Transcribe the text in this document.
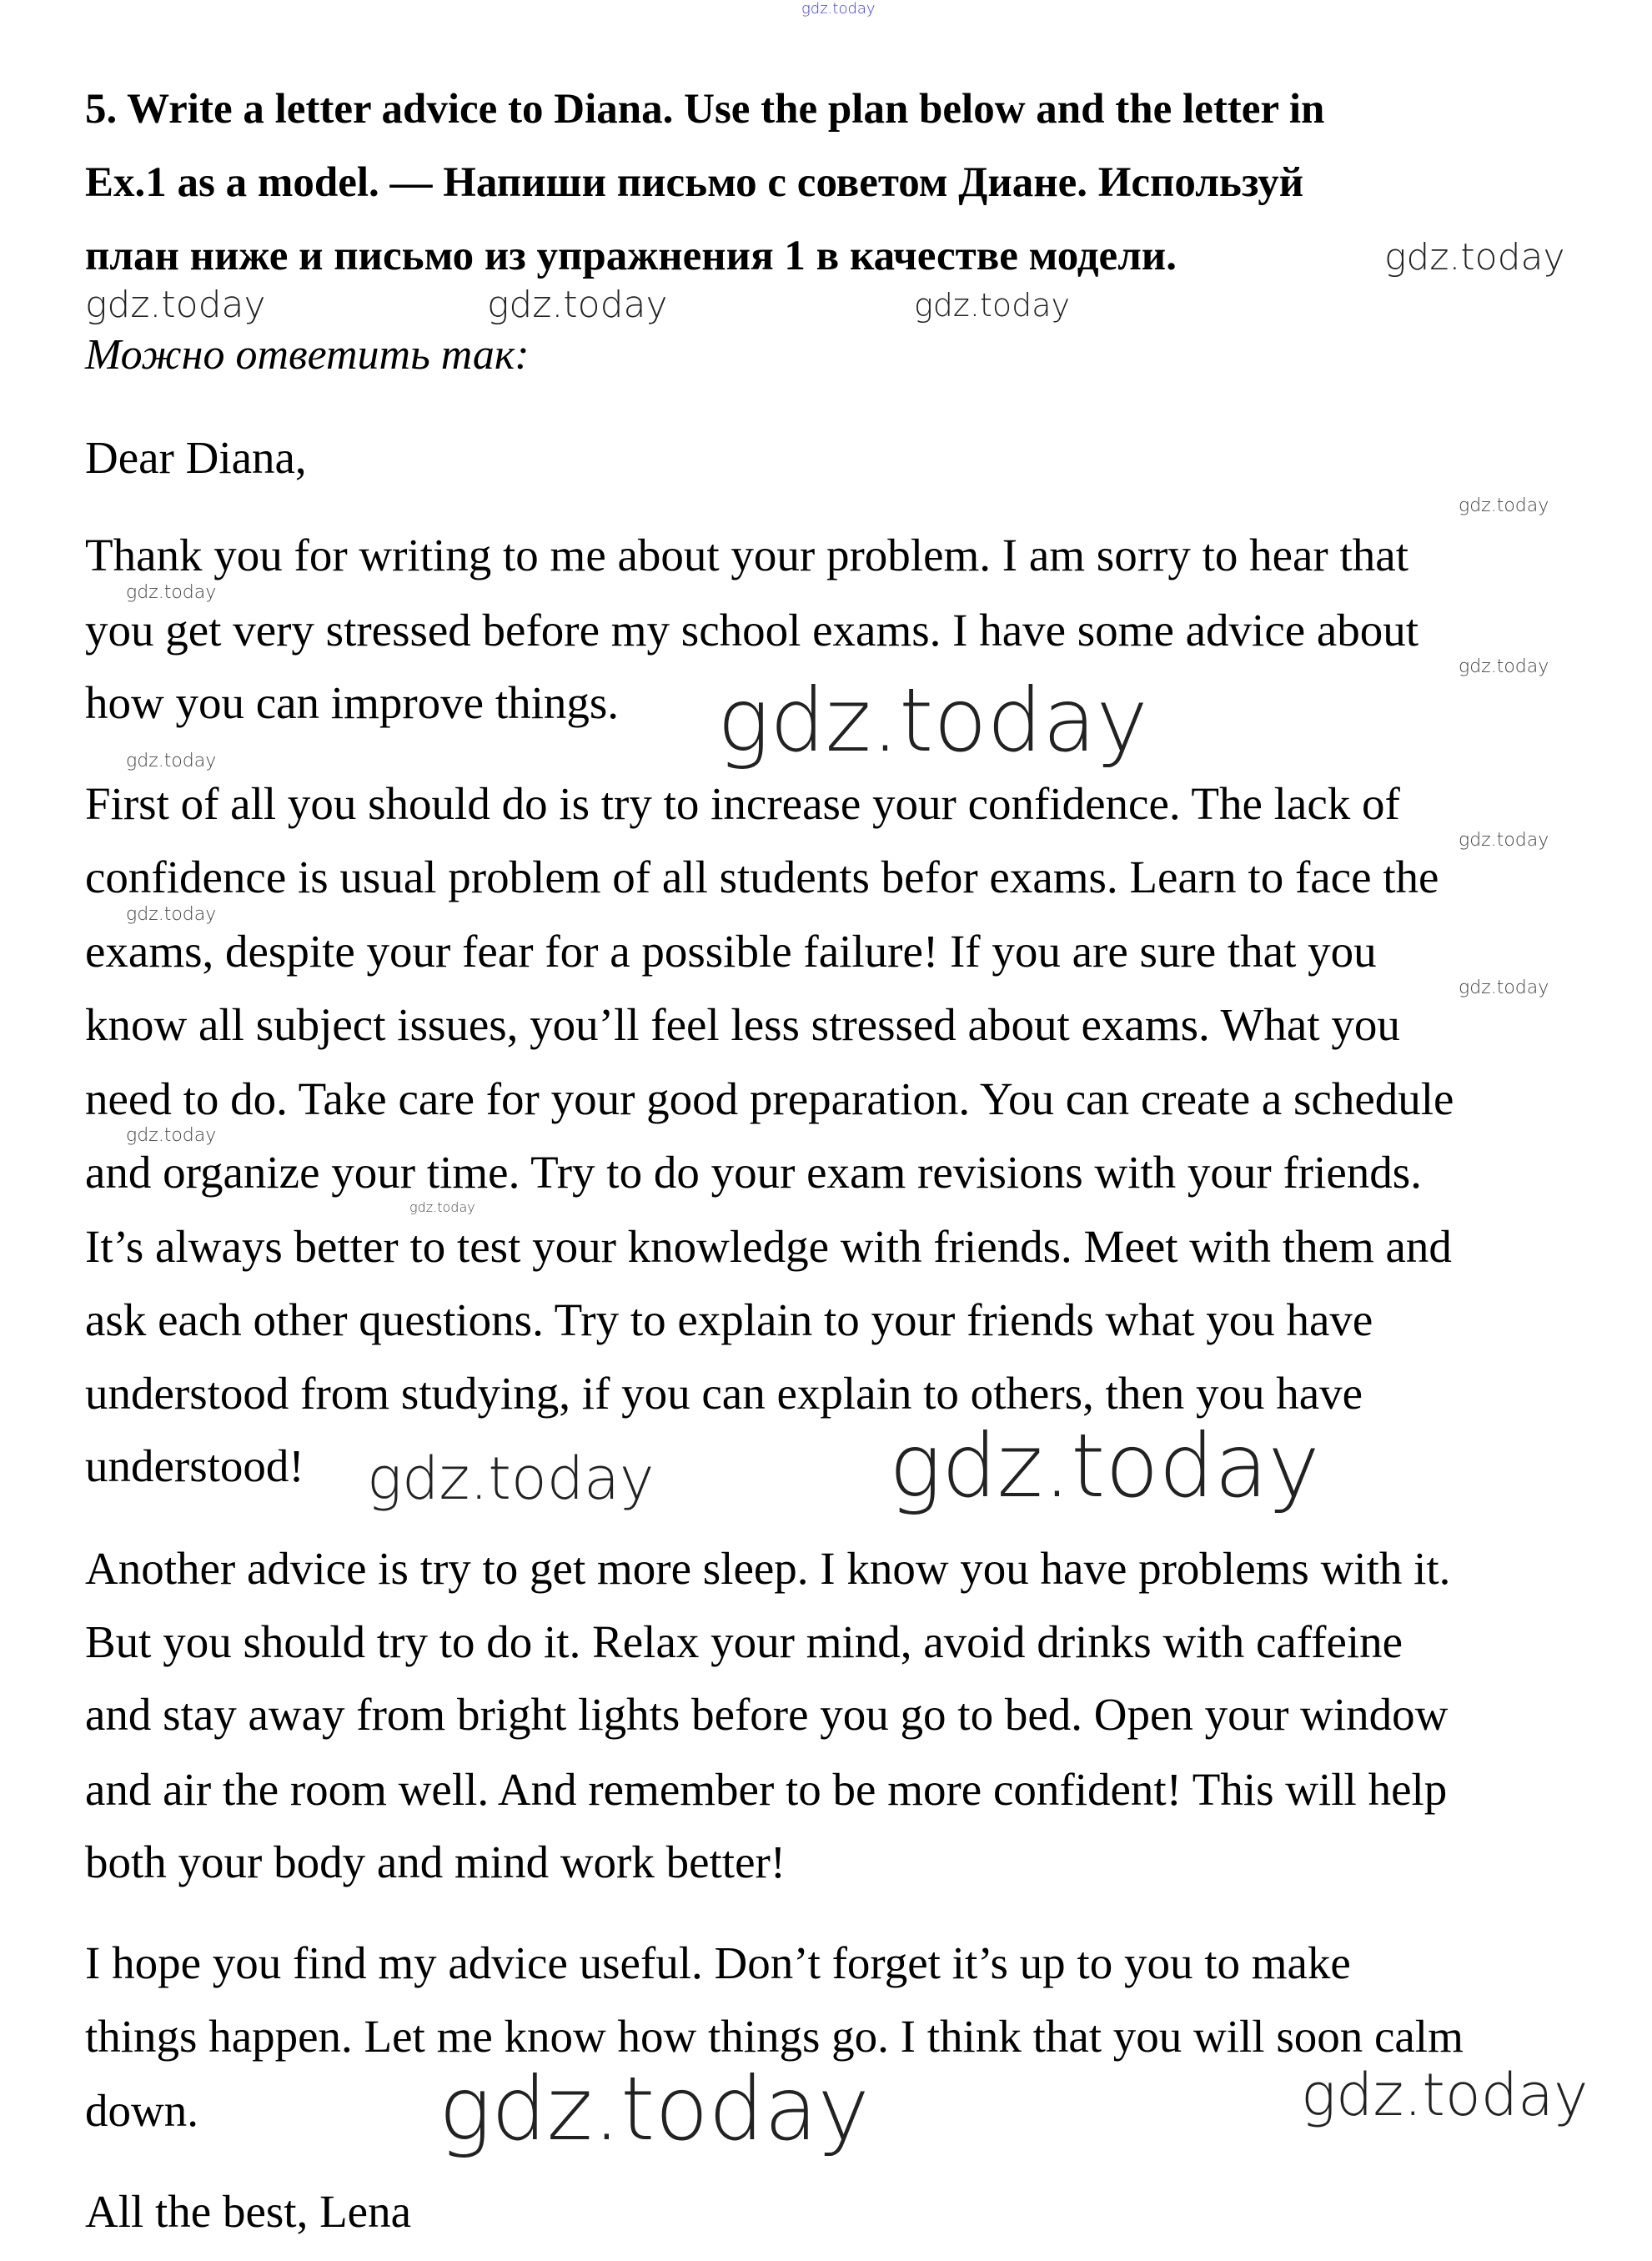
gdz.today
5. Write a letter advice to Diana. Use the plan below and the letter in
Ex.1 as a model. — Напиши письмо с советом Диане. Используй
план ниже и письмо из упражнения 1 в качестве модели.
Можно ответить так:
Dear Diana,
Thank you for writing to me about your problem. I am sorry to hear that
you get very stressed before my school exams. I have some advice about
how you can improve things.
First of all you should do is try to increase your confidence. The lack of
confidence is usual problem of all students befor exams. Learn to face the
exams, despite your fear for a possible failure! If you are sure that you
know all subject issues, you’ll feel less stressed about exams. What you
need to do. Take care for your good preparation. You can create a schedule
and organize your time. Try to do your exam revisions with your friends.
It’s always better to test your knowledge with friends. Meet with them and
ask each other questions. Try to explain to your friends what you have
understood from studying, if you can explain to others, then you have
understood!
Another advice is try to get more sleep. I know you have problems with it.
But you should try to do it. Relax your mind, avoid drinks with caffeine
and stay away from bright lights before you go to bed. Open your window
and air the room well. And remember to be more confident! This will help
both your body and mind work better!
I hope you find my advice useful. Don’t forget it’s up to you to make
things happen. Let me know how things go. I think that you will soon calm
down.
All the best, Lena
gdz.today	gdz.today	gdz.today
gdz.today
gdz.today
gdz.today
gdz.today
gdz.today
gdz.today
gdz.today
gdz.today
gdz.today
gdz.today
gdz.today
gdz.today
gdz.today
gdz.today	gdz.today
